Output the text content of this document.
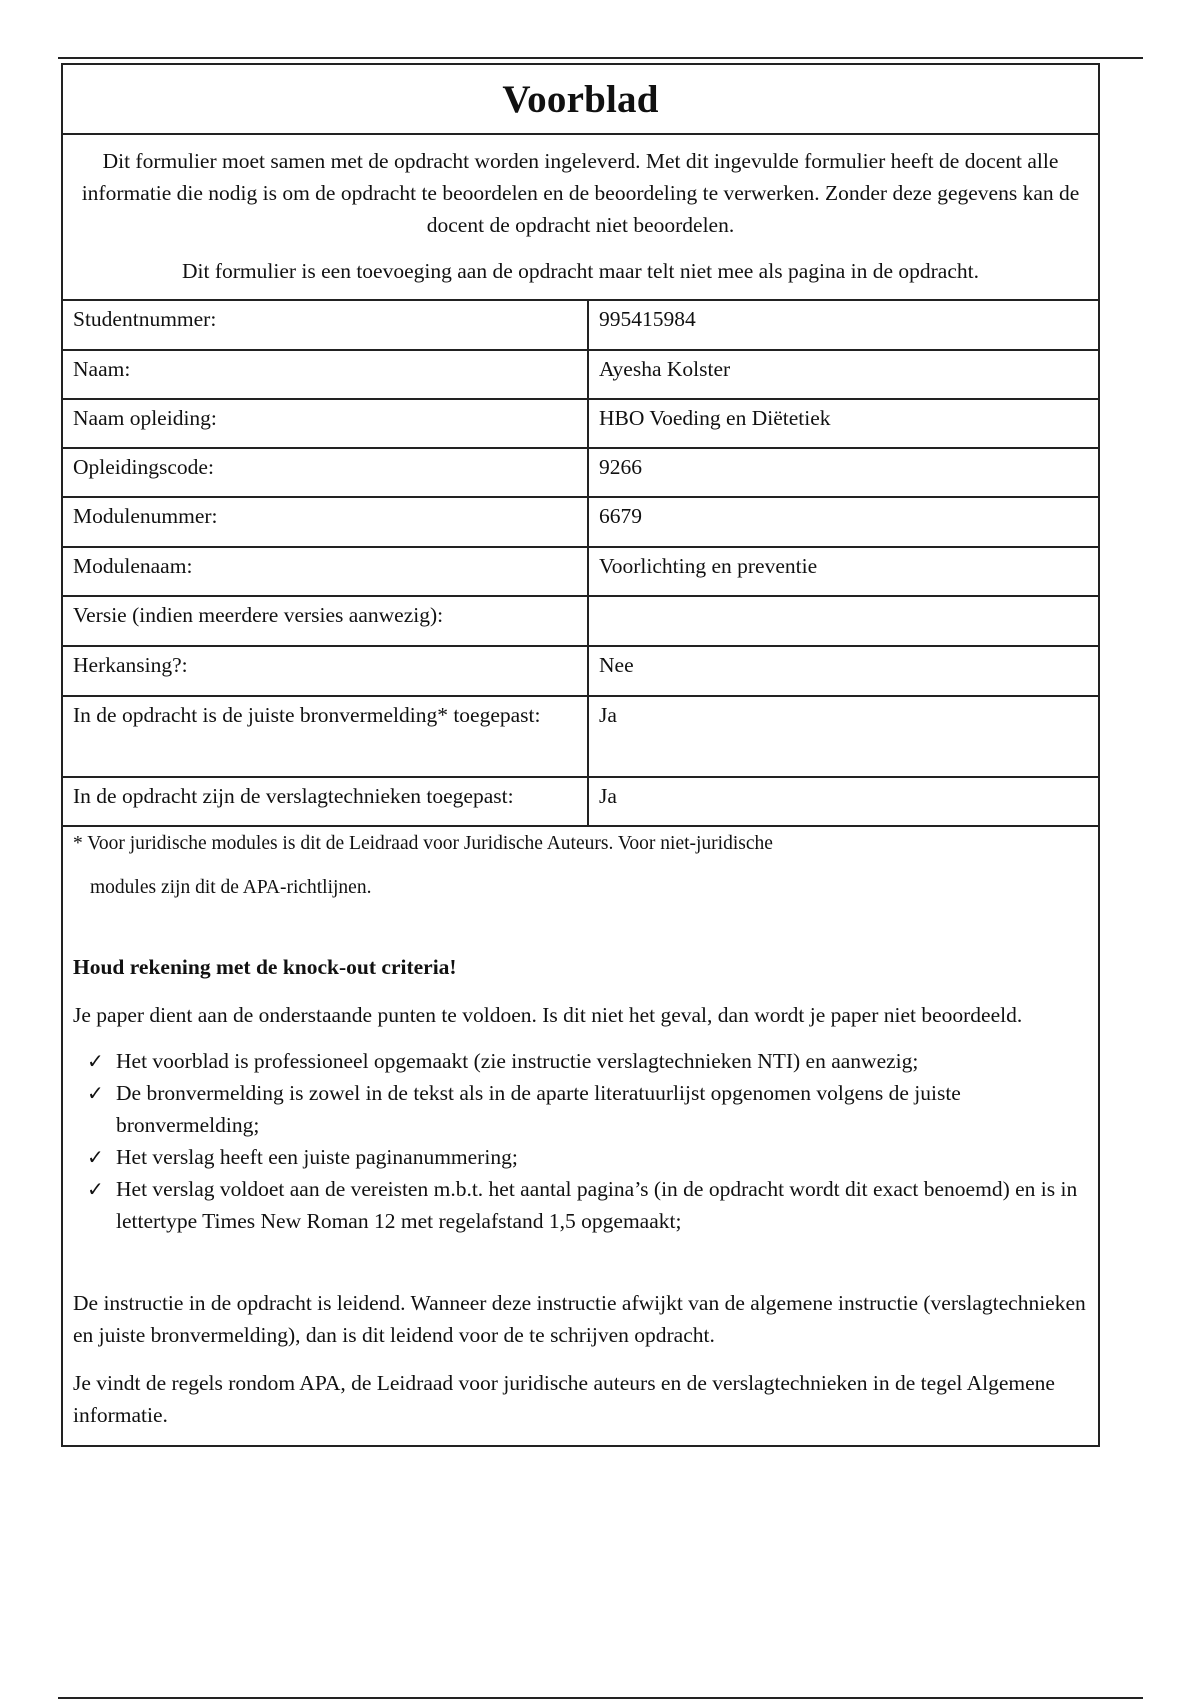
Voorblad

Dit formulier moet samen met de opdracht worden ingeleverd. Met dit ingevulde formulier heeft de docent alle informatie die nodig is om de opdracht te beoordelen en de beoordeling te verwerken. Zonder deze gegevens kan de docent de opdracht niet beoordelen.

Dit formulier is een toevoeging aan de opdracht maar telt niet mee als pagina in de opdracht.

Studentnummer:	995415984
Naam:	Ayesha Kolster
Naam opleiding:	HBO Voeding en Diëtetiek
Opleidingscode:	9266
Modulenummer:	6679
Modulenaam:	Voorlichting en preventie
Versie (indien meerdere versies aanwezig):	
Herkansing?:	Nee
In de opdracht is de juiste bronvermelding* toegepast:	Ja
In de opdracht zijn de verslagtechnieken toegepast:	Ja
* Voor juridische modules is dit de Leidraad voor Juridische Auteurs. Voor niet-juridische
modules zijn dit de APA-richtlijnen.
Houd rekening met de knock-out criteria!
Je paper dient aan de onderstaande punten te voldoen. Is dit niet het geval, dan wordt je paper niet beoordeeld.
✓ Het voorblad is professioneel opgemaakt (zie instructie verslagtechnieken NTI) en aanwezig;
✓ De bronvermelding is zowel in de tekst als in de aparte literatuurlijst opgenomen volgens de juiste bronvermelding;
✓ Het verslag heeft een juiste paginanummering;
✓ Het verslag voldoet aan de vereisten m.b.t. het aantal pagina’s (in de opdracht wordt dit exact benoemd) en is in lettertype Times New Roman 12 met regelafstand 1,5 opgemaakt;
De instructie in de opdracht is leidend. Wanneer deze instructie afwijkt van de algemene instructie (verslagtechnieken en juiste bronvermelding), dan is dit leidend voor de te schrijven opdracht.
Je vindt de regels rondom APA, de Leidraad voor juridische auteurs en de verslagtechnieken in de tegel Algemene informatie.
